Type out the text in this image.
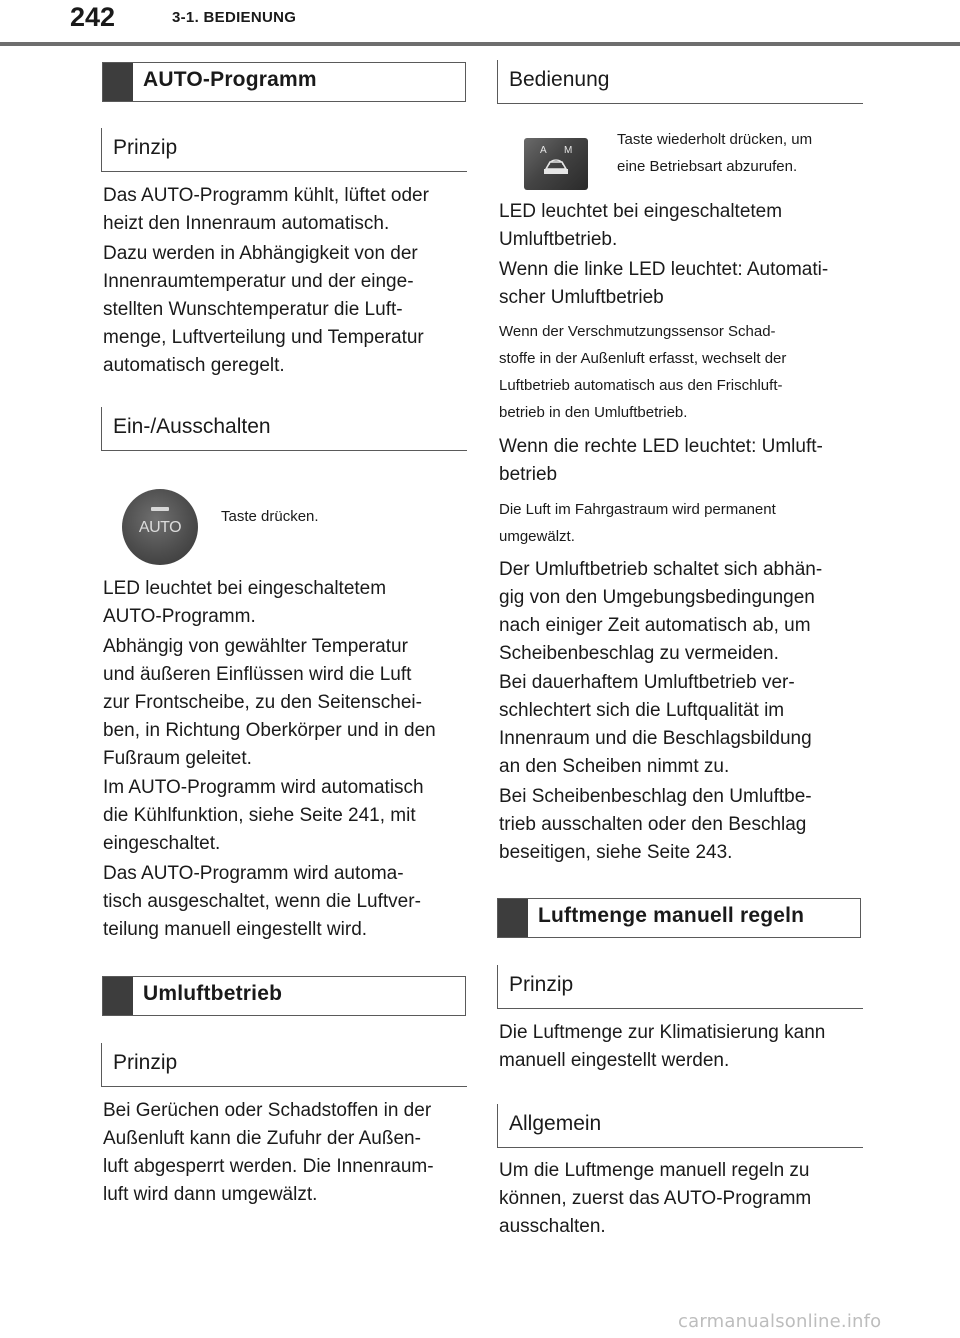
242	3-1. BEDIENUNG
AUTO-Programm
Prinzip
Das AUTO-Programm kühlt, lüftet oder
heizt den Innenraum automatisch.
Dazu werden in Abhängigkeit von der
Innenraumtemperatur und der einge-
stellten Wunschtemperatur die Luft-
menge, Luftverteilung und Temperatur
automatisch geregelt.
Ein-/Ausschalten
AUTO
Taste drücken.
LED leuchtet bei eingeschaltetem
AUTO-Programm.
Abhängig von gewählter Temperatur
und äußeren Einflüssen wird die Luft
zur Frontscheibe, zu den Seitenschei-
ben, in Richtung Oberkörper und in den
Fußraum geleitet.
Im AUTO-Programm wird automatisch
die Kühlfunktion, siehe Seite 241, mit
eingeschaltet.
Das AUTO-Programm wird automa-
tisch ausgeschaltet, wenn die Luftver-
teilung manuell eingestellt wird.
Umluftbetrieb
Prinzip
Bei Gerüchen oder Schadstoffen in der
Außenluft kann die Zufuhr der Außen-
luft abgesperrt werden. Die Innenraum-
luft wird dann umgewälzt.
Bedienung
A M
Taste wiederholt drücken, um
eine Betriebsart abzurufen.
LED leuchtet bei eingeschaltetem
Umluftbetrieb.
Wenn die linke LED leuchtet: Automati-
scher Umluftbetrieb
Wenn der Verschmutzungssensor Schad-
stoffe in der Außenluft erfasst, wechselt der
Luftbetrieb automatisch aus den Frischluft-
betrieb in den Umluftbetrieb.
Wenn die rechte LED leuchtet: Umluft-
betrieb
Die Luft im Fahrgastraum wird permanent
umgewälzt.
Der Umluftbetrieb schaltet sich abhän-
gig von den Umgebungsbedingungen
nach einiger Zeit automatisch ab, um
Scheibenbeschlag zu vermeiden.
Bei dauerhaftem Umluftbetrieb ver-
schlechtert sich die Luftqualität im
Innenraum und die Beschlagsbildung
an den Scheiben nimmt zu.
Bei Scheibenbeschlag den Umluftbe-
trieb ausschalten oder den Beschlag
beseitigen, siehe Seite 243.
Luftmenge manuell regeln
Prinzip
Die Luftmenge zur Klimatisierung kann
manuell eingestellt werden.
Allgemein
Um die Luftmenge manuell regeln zu
können, zuerst das AUTO-Programm
ausschalten.
carmanualsonline.info
